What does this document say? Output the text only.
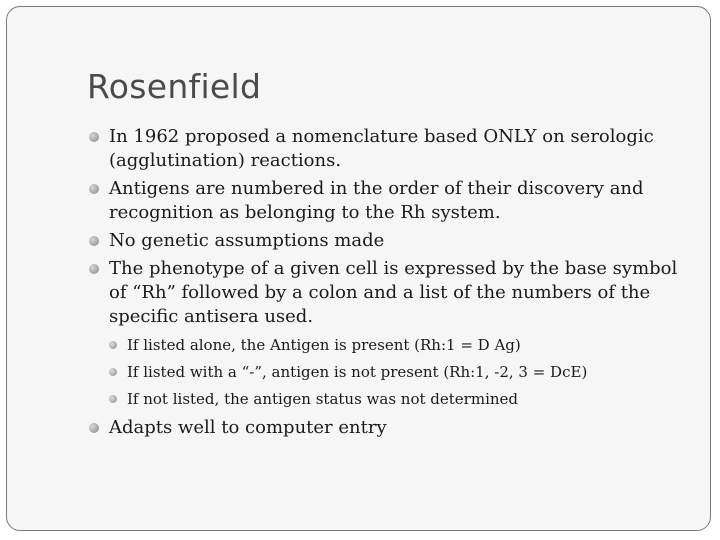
Rosenfield
In 1962 proposed a nomenclature based ONLY on serologic (agglutination) reactions.
Antigens are numbered in the order of their discovery and recognition as belonging to the Rh system.
No genetic assumptions made
The phenotype of a given cell is expressed by the base symbol of “Rh” followed by a colon and a list of the numbers of the specific antisera used.
If listed alone, the Antigen is present (Rh:1 = D Ag)
If listed with a “-”, antigen is not present (Rh:1, -2, 3 = DcE)
If not listed, the antigen status was not determined
Adapts well to computer entry
